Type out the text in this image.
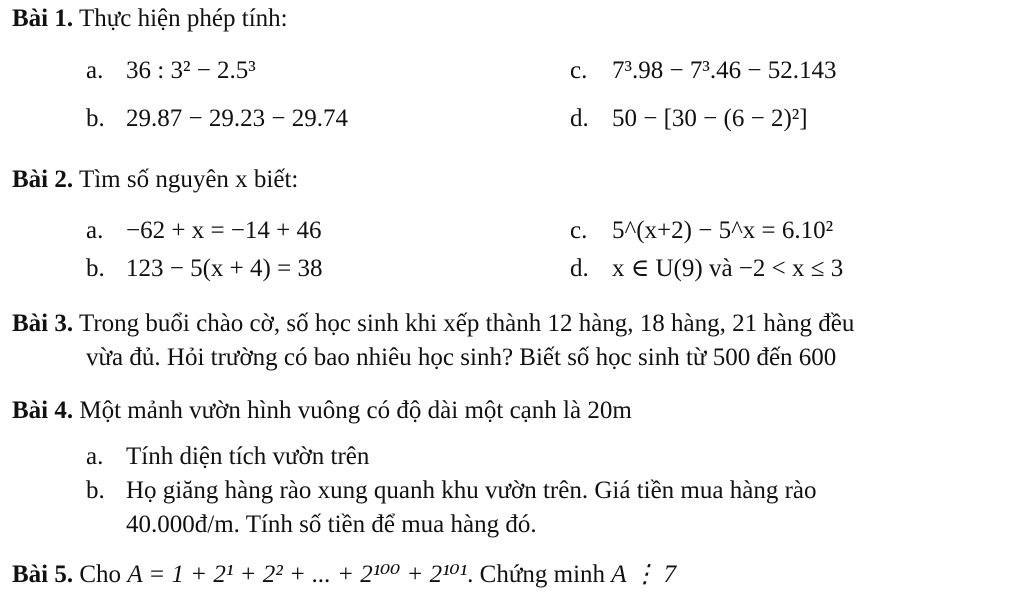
Bài 1. Thực hiện phép tính:
a. 36 : 3² − 2.5³	c. 7³.98 − 7³.46 − 52.143
b. 29.87 − 29.23 − 29.74	d. 50 − [30 − (6 − 2)²]
Bài 2. Tìm số nguyên x biết:
a. −62 + x = −14 + 46	c. 5^(x+2) − 5^x = 6.10²
b. 123 − 5(x + 4) = 38	d. x ∈ U(9) và −2 < x ≤ 3
Bài 3. Trong buổi chào cờ, số học sinh khi xếp thành 12 hàng, 18 hàng, 21 hàng đều
vừa đủ. Hỏi trường có bao nhiêu học sinh? Biết số học sinh từ 500 đến 600
Bài 4. Một mảnh vườn hình vuông có độ dài một cạnh là 20m
a. Tính diện tích vườn trên
b. Họ giăng hàng rào xung quanh khu vườn trên. Giá tiền mua hàng rào
40.000đ/m. Tính số tiền để mua hàng đó.
Bài 5. Cho A = 1 + 2¹ + 2² + ... + 2¹⁰⁰ + 2¹⁰¹. Chứng minh A ⋮ 7
